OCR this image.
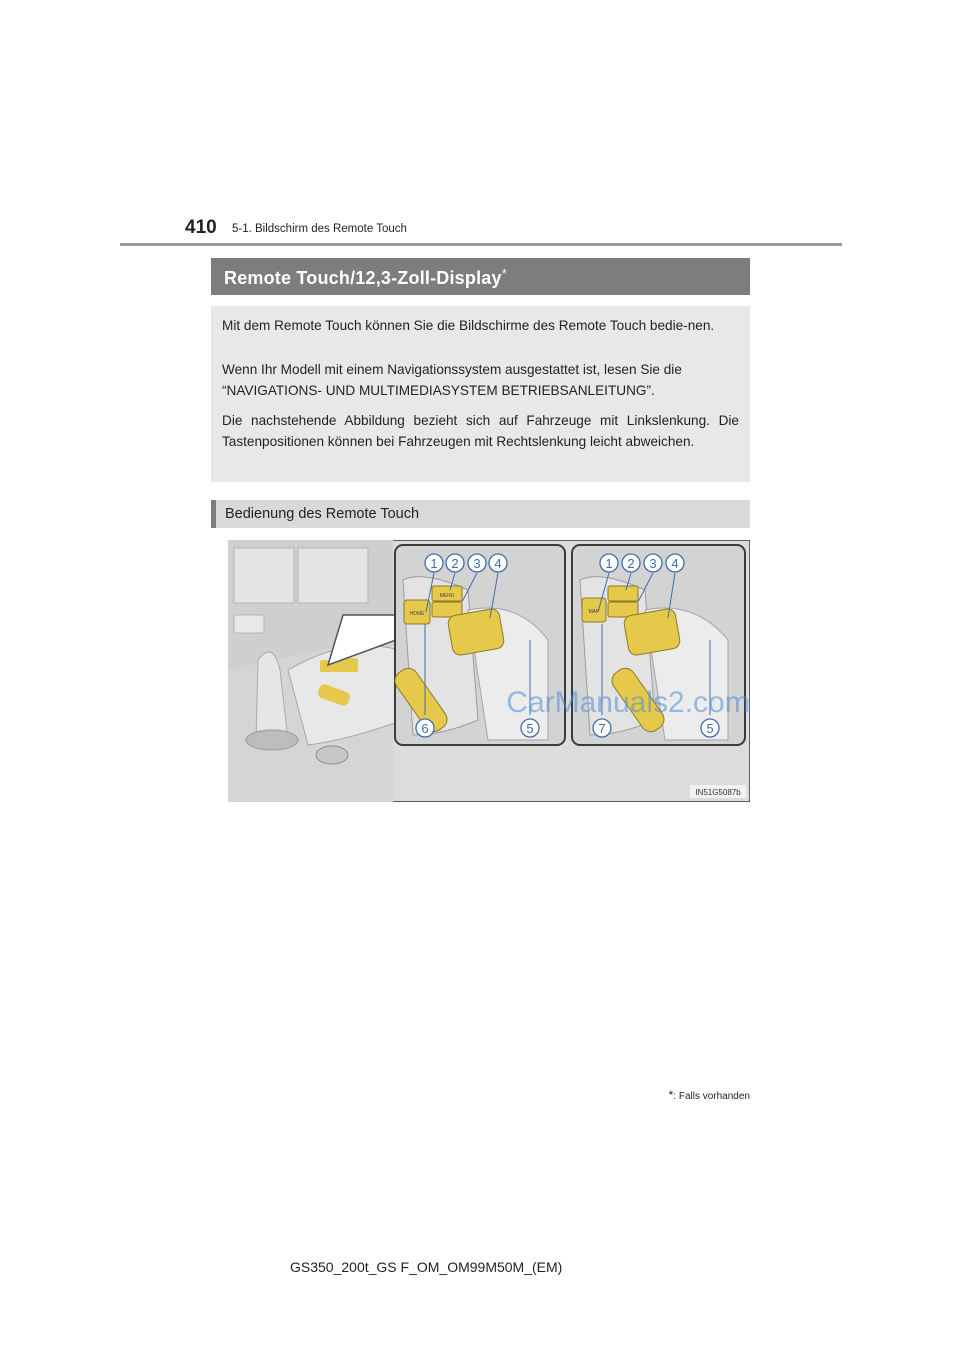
410 5-1. Bildschirm des Remote Touch
Remote Touch/12,3-Zoll-Display*

Mit dem Remote Touch können Sie die Bildschirme des Remote Touch bedie-nen.

Wenn Ihr Modell mit einem Navigationssystem ausgestattet ist, lesen Sie die “NAVIGATIONS- UND MULTIMEDIASYSTEM BETRIEBSANLEITUNG”.

Die nachstehende Abbildung bezieht sich auf Fahrzeuge mit Linkslenkung. Die Tastenpositionen können bei Fahrzeugen mit Rechtslenkung leicht abweichen.

Bedienung des Remote Touch
HOME
MENU
MAP
1 2 3 4
6	5
1 2 3 4
7	5
CarManuals2.com
IN51G5087b
*: Falls vorhanden
GS350_200t_GS F_OM_OM99M50M_(EM)
